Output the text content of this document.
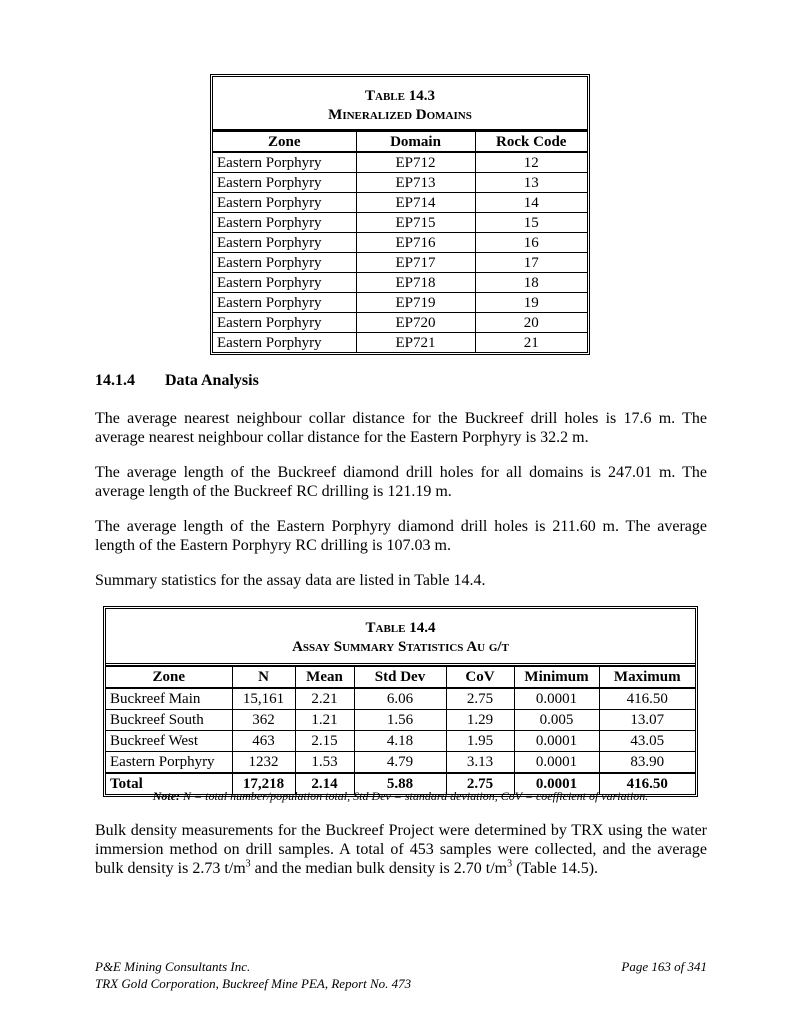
Table 14.3
Mineralized Domains
Zone	Domain	Rock Code
Eastern Porphyry	EP712	12
Eastern Porphyry	EP713	13
Eastern Porphyry	EP714	14
Eastern Porphyry	EP715	15
Eastern Porphyry	EP716	16
Eastern Porphyry	EP717	17
Eastern Porphyry	EP718	18
Eastern Porphyry	EP719	19
Eastern Porphyry	EP720	20
Eastern Porphyry	EP721	21
14.1.4 Data Analysis
The average nearest neighbour collar distance for the Buckreef drill holes is 17.6 m. The average nearest neighbour collar distance for the Eastern Porphyry is 32.2 m.
The average length of the Buckreef diamond drill holes for all domains is 247.01 m. The average length of the Buckreef RC drilling is 121.19 m.
The average length of the Eastern Porphyry diamond drill holes is 211.60 m. The average length of the Eastern Porphyry RC drilling is 107.03 m.
Summary statistics for the assay data are listed in Table 14.4.
Table 14.4
Assay Summary Statistics Au g/t
Zone	N	Mean	Std Dev	CoV	Minimum	Maximum
Buckreef Main	15,161	2.21	6.06	2.75	0.0001	416.50
Buckreef South	362	1.21	1.56	1.29	0.005	13.07
Buckreef West	463	2.15	4.18	1.95	0.0001	43.05
Eastern Porphyry	1232	1.53	4.79	3.13	0.0001	83.90
Total	17,218	2.14	5.88	2.75	0.0001	416.50
Note: N = total number/population total, Std Dev = standard deviation, CoV = coefficient of variation.
Bulk density measurements for the Buckreef Project were determined by TRX using the water immersion method on drill samples. A total of 453 samples were collected, and the average bulk density is 2.73 $t/m^3$ and the median bulk density is 2.70 $t/m^3$ (Table 14.5).
P&E Mining Consultants Inc.
TRX Gold Corporation, Buckreef Mine PEA, Report No. 473
Page 163 of 341
